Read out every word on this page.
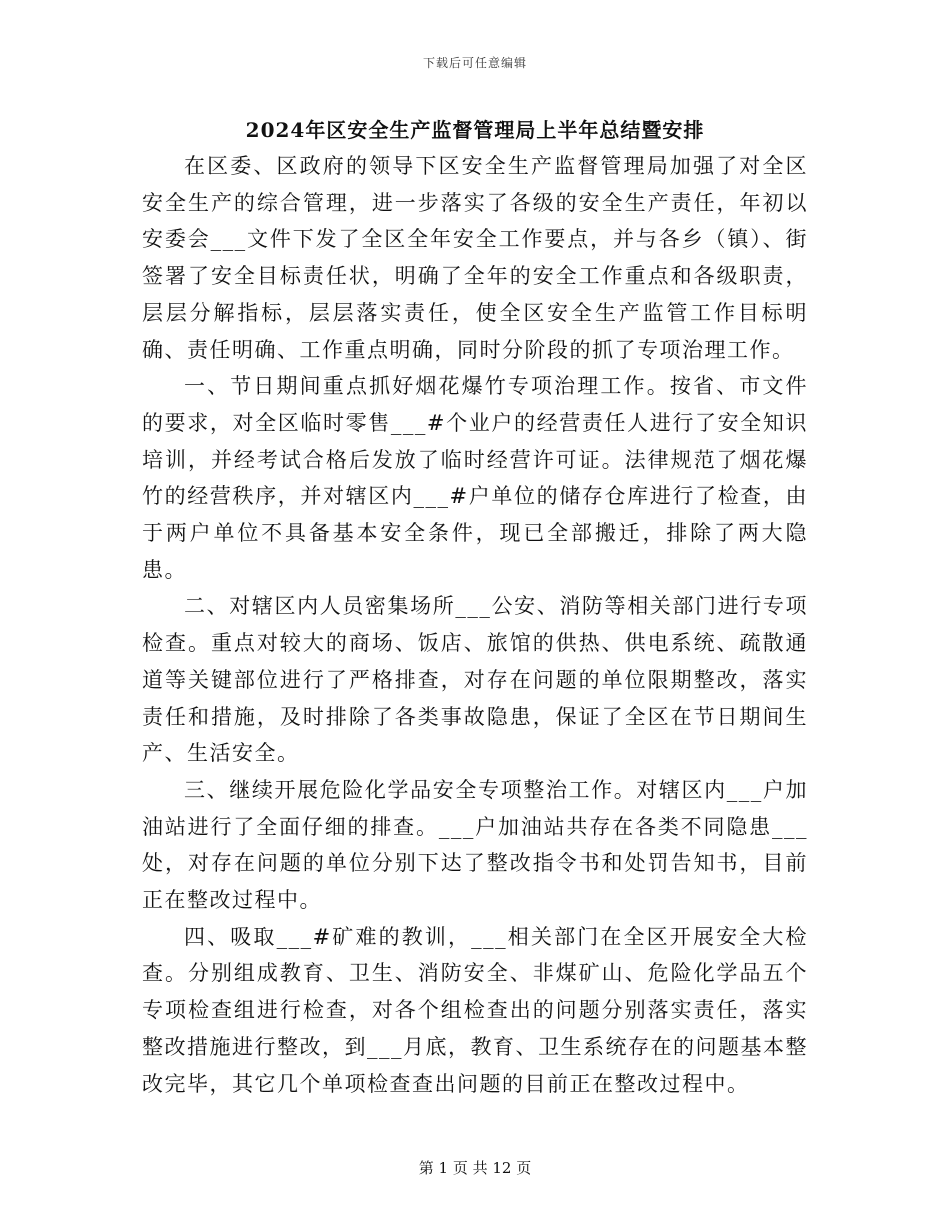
下载后可任意编辑
2024年区安全生产监督管理局上半年总结暨安排

在区委、区政府的领导下区安全生产监督管理局加强了对全区安全生产的综合管理，进一步落实了各级的安全生产责任，年初以安委会___文件下发了全区全年安全工作要点，并与各乡（镇）、街签署了安全目标责任状，明确了全年的安全工作重点和各级职责，层层分解指标，层层落实责任，使全区安全生产监管工作目标明确、责任明确、工作重点明确，同时分阶段的抓了专项治理工作。

一、节日期间重点抓好烟花爆竹专项治理工作。按省、市文件的要求，对全区临时零售___#个业户的经营责任人进行了安全知识培训，并经考试合格后发放了临时经营许可证。法律规范了烟花爆竹的经营秩序，并对辖区内___#户单位的储存仓库进行了检查，由于两户单位不具备基本安全条件，现已全部搬迁，排除了两大隐患。

二、对辖区内人员密集场所___公安、消防等相关部门进行专项检查。重点对较大的商场、饭店、旅馆的供热、供电系统、疏散通道等关键部位进行了严格排查，对存在问题的单位限期整改，落实责任和措施，及时排除了各类事故隐患，保证了全区在节日期间生产、生活安全。

三、继续开展危险化学品安全专项整治工作。对辖区内___户加油站进行了全面仔细的排查。___户加油站共存在各类不同隐患___处，对存在问题的单位分别下达了整改指令书和处罚告知书，目前正在整改过程中。

四、吸取___#矿难的教训，___相关部门在全区开展安全大检查。分别组成教育、卫生、消防安全、非煤矿山、危险化学品五个专项检查组进行检查，对各个组检查出的问题分别落实责任，落实整改措施进行整改，到___月底，教育、卫生系统存在的问题基本整改完毕，其它几个单项检查查出问题的目前正在整改过程中。

第 1 页 共 12 页
